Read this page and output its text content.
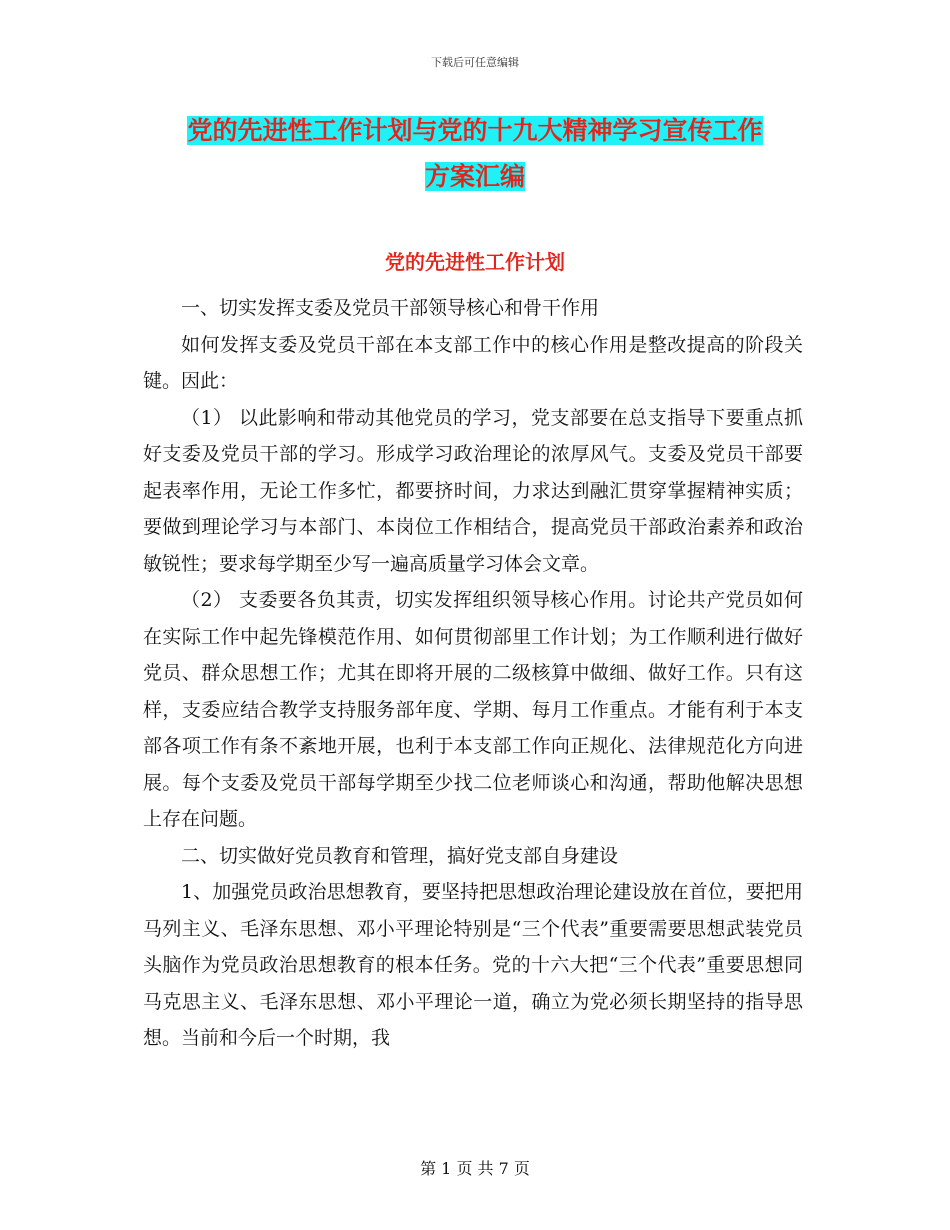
下载后可任意编辑
党的先进性工作计划与党的十九大精神学习宣传工作
方案汇编
党的先进性工作计划

一、切实发挥支委及党员干部领导核心和骨干作用

如何发挥支委及党员干部在本支部工作中的核心作用是整改提高的阶段关键。因此：

（1） 以此影响和带动其他党员的学习，党支部要在总支指导下要重点抓好支委及党员干部的学习。形成学习政治理论的浓厚风气。支委及党员干部要起表率作用，无论工作多忙，都要挤时间，力求达到融汇贯穿掌握精神实质；要做到理论学习与本部门、本岗位工作相结合，提高党员干部政治素养和政治敏锐性；要求每学期至少写一遍高质量学习体会文章。

（2） 支委要各负其责，切实发挥组织领导核心作用。讨论共产党员如何在实际工作中起先锋模范作用、如何贯彻部里工作计划；为工作顺利进行做好党员、群众思想工作；尤其在即将开展的二级核算中做细、做好工作。只有这样，支委应结合教学支持服务部年度、学期、每月工作重点。才能有利于本支部各项工作有条不紊地开展，也利于本支部工作向正规化、法律规范化方向进展。每个支委及党员干部每学期至少找二位老师谈心和沟通，帮助他解决思想上存在问题。

二、切实做好党员教育和管理，搞好党支部自身建设

1、加强党员政治思想教育，要坚持把思想政治理论建设放在首位，要把用马列主义、毛泽东思想、邓小平理论特别是“三个代表”重要需要思想武装党员头脑作为党员政治思想教育的根本任务。党的十六大把“三个代表”重要思想同马克思主义、毛泽东思想、邓小平理论一道，确立为党必须长期坚持的指导思想。当前和今后一个时期，我

第 1 页 共 7 页
